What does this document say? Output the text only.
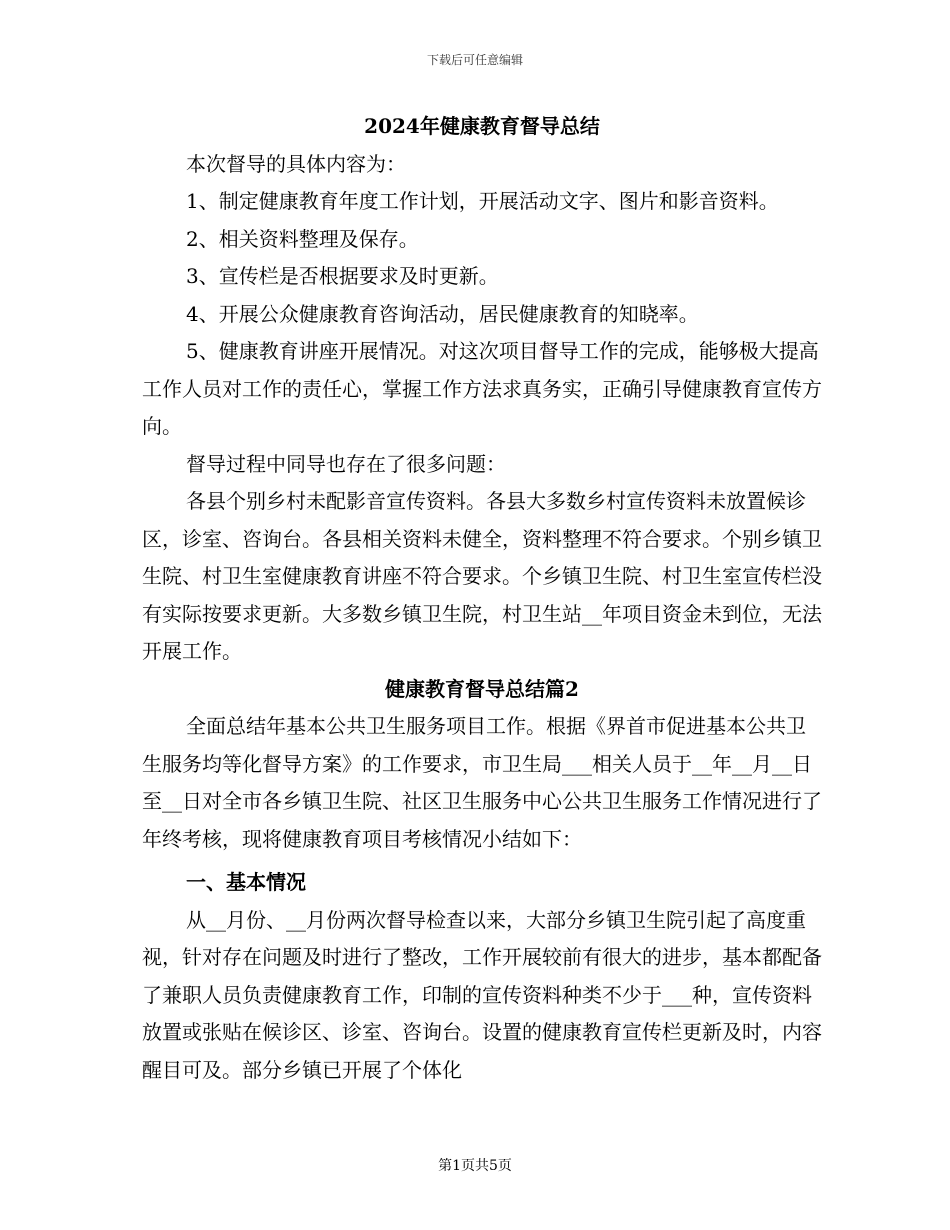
下载后可任意编辑

2024年健康教育督导总结

本次督导的具体内容为：

1、制定健康教育年度工作计划，开展活动文字、图片和影音资料。

2、相关资料整理及保存。

3、宣传栏是否根据要求及时更新。

4、开展公众健康教育咨询活动，居民健康教育的知晓率。

5、健康教育讲座开展情况。对这次项目督导工作的完成，能够极大提高工作人员对工作的责任心，掌握工作方法求真务实，正确引导健康教育宣传方向。

督导过程中同导也存在了很多问题：

各县个别乡村未配影音宣传资料。各县大多数乡村宣传资料未放置候诊区，诊室、咨询台。各县相关资料未健全，资料整理不符合要求。个别乡镇卫生院、村卫生室健康教育讲座不符合要求。个乡镇卫生院、村卫生室宣传栏没有实际按要求更新。大多数乡镇卫生院，村卫生站__年项目资金未到位，无法开展工作。

健康教育督导总结篇2

全面总结年基本公共卫生服务项目工作。根据《界首市促进基本公共卫生服务均等化督导方案》的工作要求，市卫生局___相关人员于__年__月__日至__日对全市各乡镇卫生院、社区卫生服务中心公共卫生服务工作情况进行了年终考核，现将健康教育项目考核情况小结如下：

一、基本情况

从__月份、__月份两次督导检查以来，大部分乡镇卫生院引起了高度重视，针对存在问题及时进行了整改，工作开展较前有很大的进步，基本都配备了兼职人员负责健康教育工作，印制的宣传资料种类不少于___种，宣传资料放置或张贴在候诊区、诊室、咨询台。设置的健康教育宣传栏更新及时，内容醒目可及。部分乡镇已开展了个体化

第1页共5页
